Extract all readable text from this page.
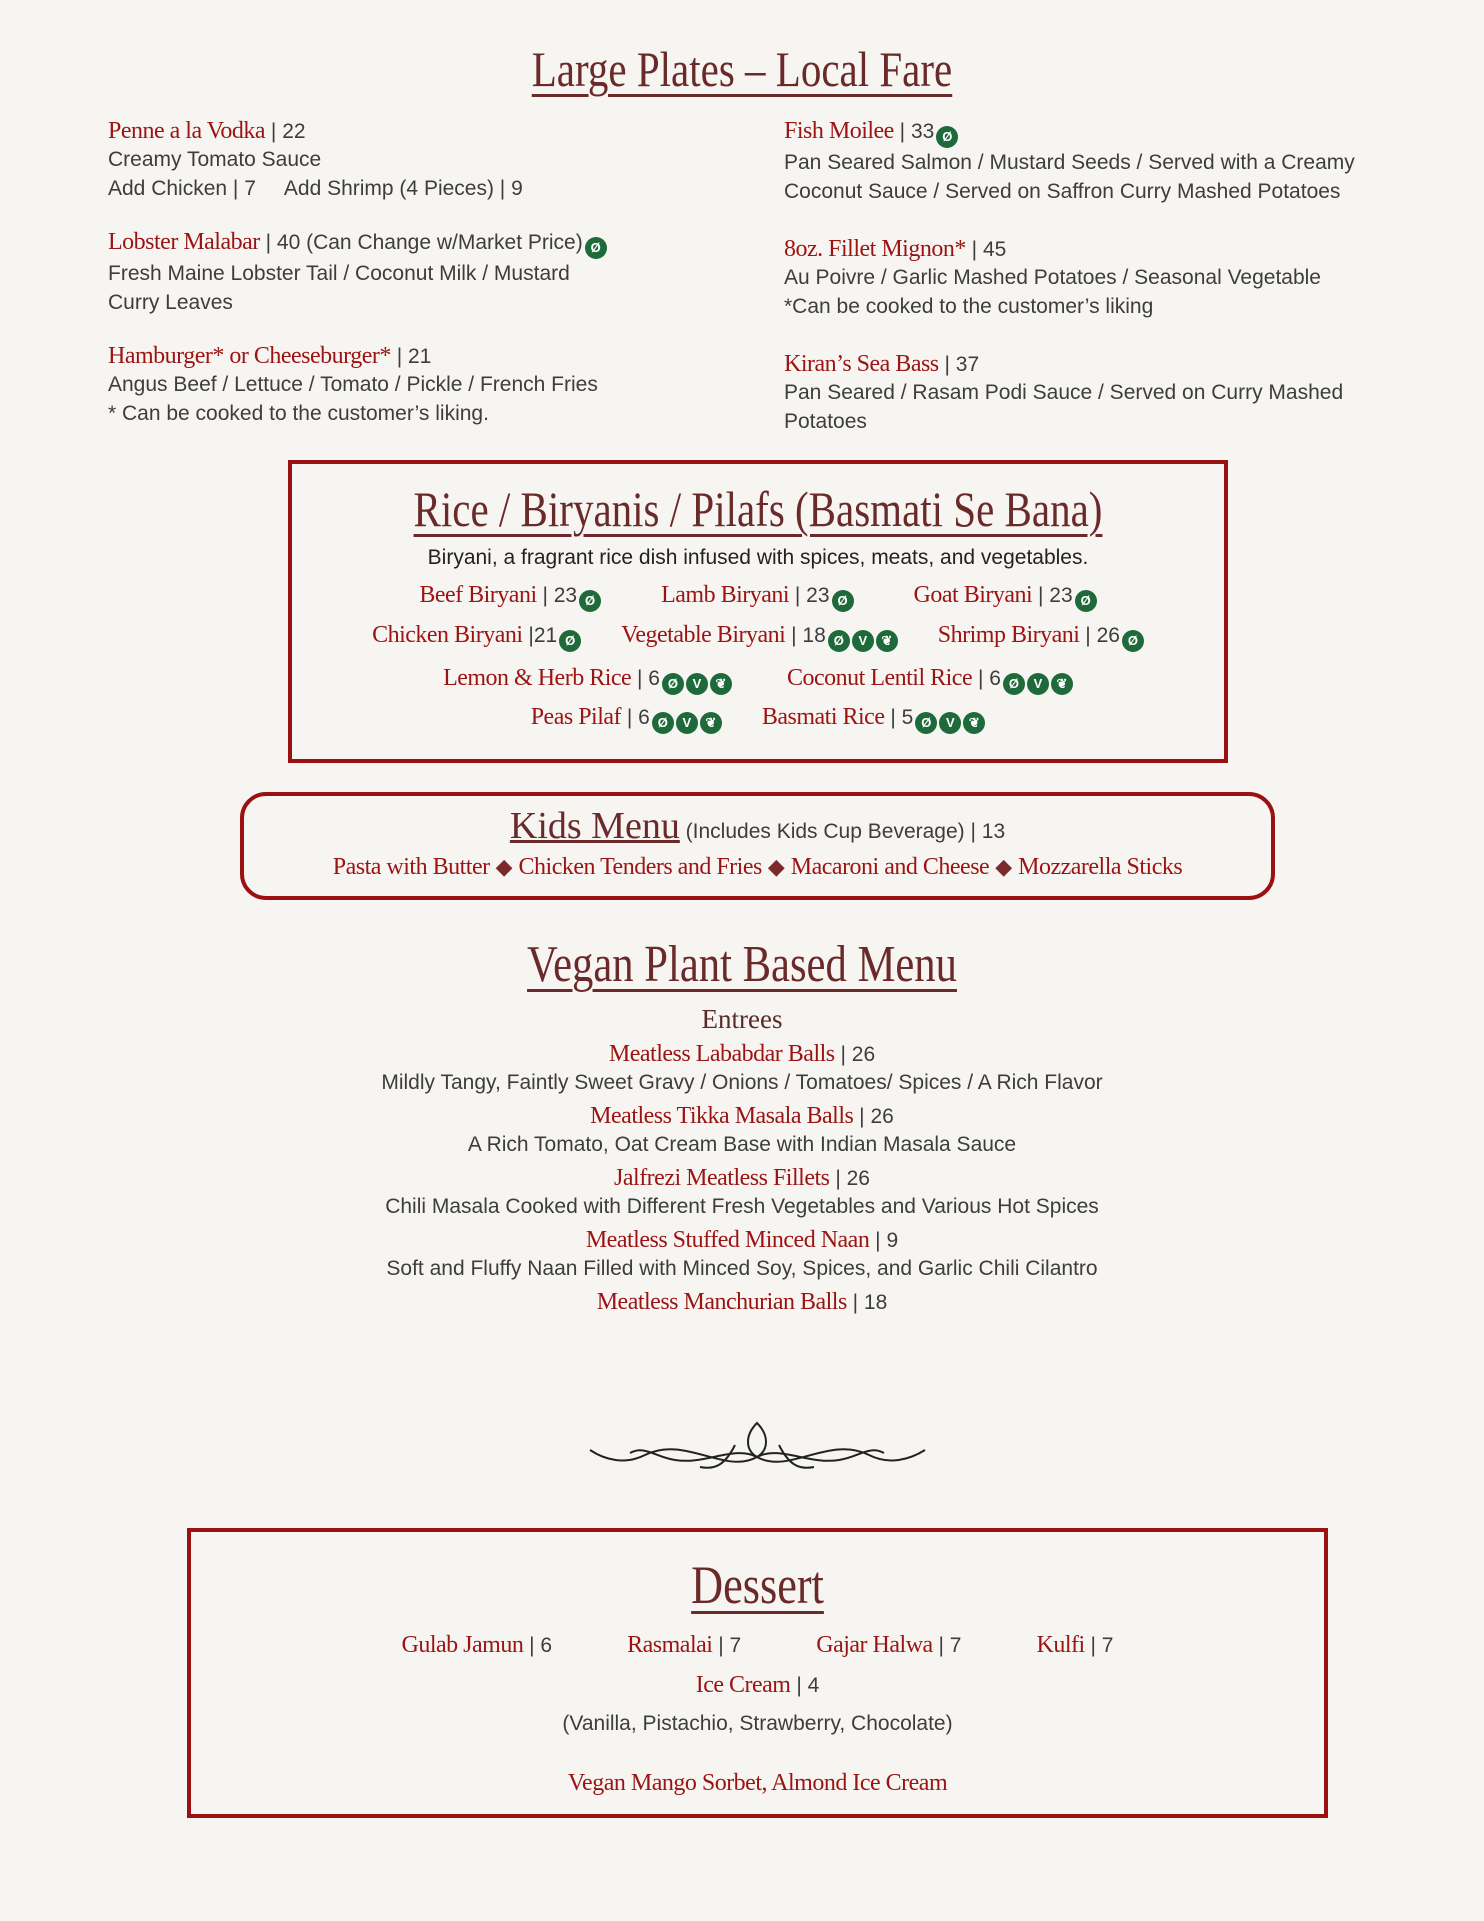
Large Plates – Local Fare
Penne a la Vodka | 22
Creamy Tomato Sauce
Add Chicken | 7     Add Shrimp (4 Pieces) | 9
Lobster Malabar | 40 (Can Change w/Market Price) Ø
Fresh Maine Lobster Tail / Coconut Milk / Mustard
Curry Leaves
Hamburger* or Cheeseburger* | 21
Angus Beef / Lettuce / Tomato / Pickle / French Fries
* Can be cooked to the customer’s liking.
Fish Moilee | 33 Ø
Pan Seared Salmon / Mustard Seeds / Served with a Creamy
Coconut Sauce / Served on Saffron Curry Mashed Potatoes
8oz. Fillet Mignon* | 45
Au Poivre / Garlic Mashed Potatoes / Seasonal Vegetable
*Can be cooked to the customer’s liking
Kiran’s Sea Bass | 37
Pan Seared / Rasam Podi Sauce / Served on Curry Mashed
Potatoes
Rice / Biryanis / Pilafs (Basmati Se Bana)
Biryani, a fragrant rice dish infused with spices, meats, and vegetables.
Beef Biryani | 23 Ø	Lamb Biryani | 23 Ø	Goat Biryani | 23 Ø
Chicken Biryani |21 Ø Vegetable Biryani | 18 Ø V ❦ Shrimp Biryani | 26 Ø
Lemon & Herb Rice | 6 Ø V ❦	Coconut Lentil Rice | 6 Ø V ❦
Peas Pilaf | 6 Ø V ❦ Basmati Rice | 5 Ø V ❦
Kids Menu (Includes Kids Cup Beverage) | 13
Pasta with Butter ◆ Chicken Tenders and Fries ◆ Macaroni and Cheese ◆ Mozzarella Sticks
Vegan Plant Based Menu
Entrees
Meatless Lababdar Balls | 26
Mildly Tangy, Faintly Sweet Gravy / Onions / Tomatoes/ Spices / A Rich Flavor
Meatless Tikka Masala Balls | 26
A Rich Tomato, Oat Cream Base with Indian Masala Sauce
Jalfrezi Meatless Fillets | 26
Chili Masala Cooked with Different Fresh Vegetables and Various Hot Spices
Meatless Stuffed Minced Naan | 9
Soft and Fluffy Naan Filled with Minced Soy, Spices, and Garlic Chili Cilantro
Meatless Manchurian Balls | 18
Dessert
Gulab Jamun | 6	Rasmalai | 7	Gajar Halwa | 7	Kulfi | 7
Ice Cream | 4
(Vanilla, Pistachio, Strawberry, Chocolate)
Vegan Mango Sorbet, Almond Ice Cream
